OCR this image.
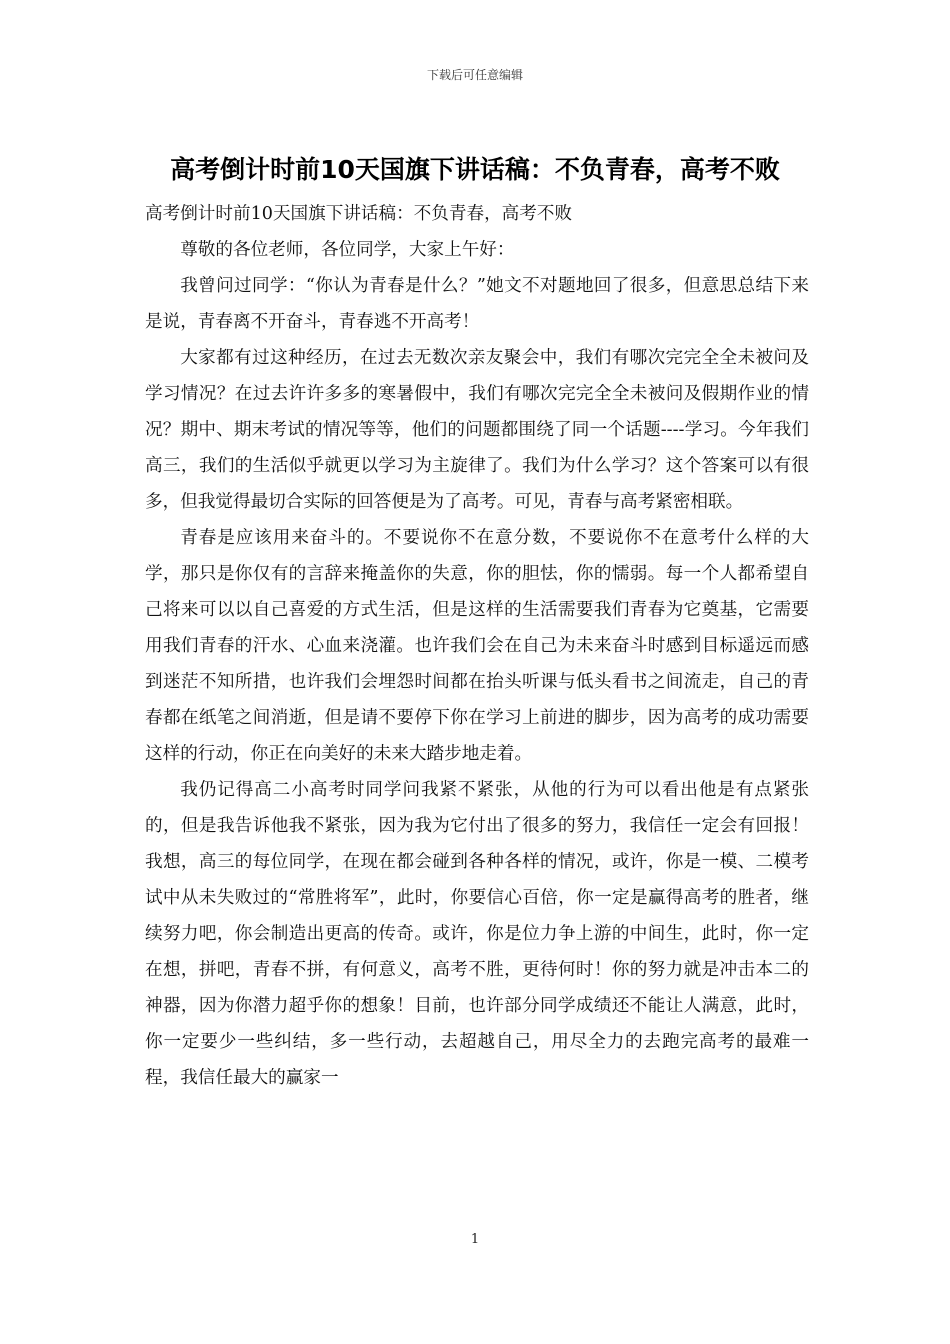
下载后可任意编辑
高考倒计时前10天国旗下讲话稿：不负青春，高考不败

高考倒计时前10天国旗下讲话稿：不负青春，高考不败

尊敬的各位老师，各位同学，大家上午好：

我曾问过同学：“你认为青春是什么？”她文不对题地回了很多，但意思总结下来是说，青春离不开奋斗，青春逃不开高考！

大家都有过这种经历，在过去无数次亲友聚会中，我们有哪次完完全全未被问及学习情况？在过去许许多多的寒暑假中，我们有哪次完完全全未被问及假期作业的情况？期中、期末考试的情况等等，他们的问题都围绕了同一个话题----学习。今年我们高三，我们的生活似乎就更以学习为主旋律了。我们为什么学习？这个答案可以有很多，但我觉得最切合实际的回答便是为了高考。可见，青春与高考紧密相联。

青春是应该用来奋斗的。不要说你不在意分数，不要说你不在意考什么样的大学，那只是你仅有的言辞来掩盖你的失意，你的胆怯，你的懦弱。每一个人都希望自己将来可以以自己喜爱的方式生活，但是这样的生活需要我们青春为它奠基，它需要用我们青春的汗水、心血来浇灌。也许我们会在自己为未来奋斗时感到目标遥远而感到迷茫不知所措，也许我们会埋怨时间都在抬头听课与低头看书之间流走，自己的青春都在纸笔之间消逝，但是请不要停下你在学习上前进的脚步，因为高考的成功需要这样的行动，你正在向美好的未来大踏步地走着。

我仍记得高二小高考时同学问我紧不紧张，从他的行为可以看出他是有点紧张的，但是我告诉他我不紧张，因为我为它付出了很多的努力，我信任一定会有回报！我想，高三的每位同学，在现在都会碰到各种各样的情况，或许，你是一模、二模考试中从未失败过的“常胜将军”，此时，你要信心百倍，你一定是赢得高考的胜者，继续努力吧，你会制造出更高的传奇。或许，你是位力争上游的中间生，此时，你一定在想，拼吧，青春不拼，有何意义，高考不胜，更待何时！你的努力就是冲击本二的神器，因为你潜力超乎你的想象！目前，也许部分同学成绩还不能让人满意，此时，你一定要少一些纠结，多一些行动，去超越自己，用尽全力的去跑完高考的最难一程，我信任最大的赢家一

1
